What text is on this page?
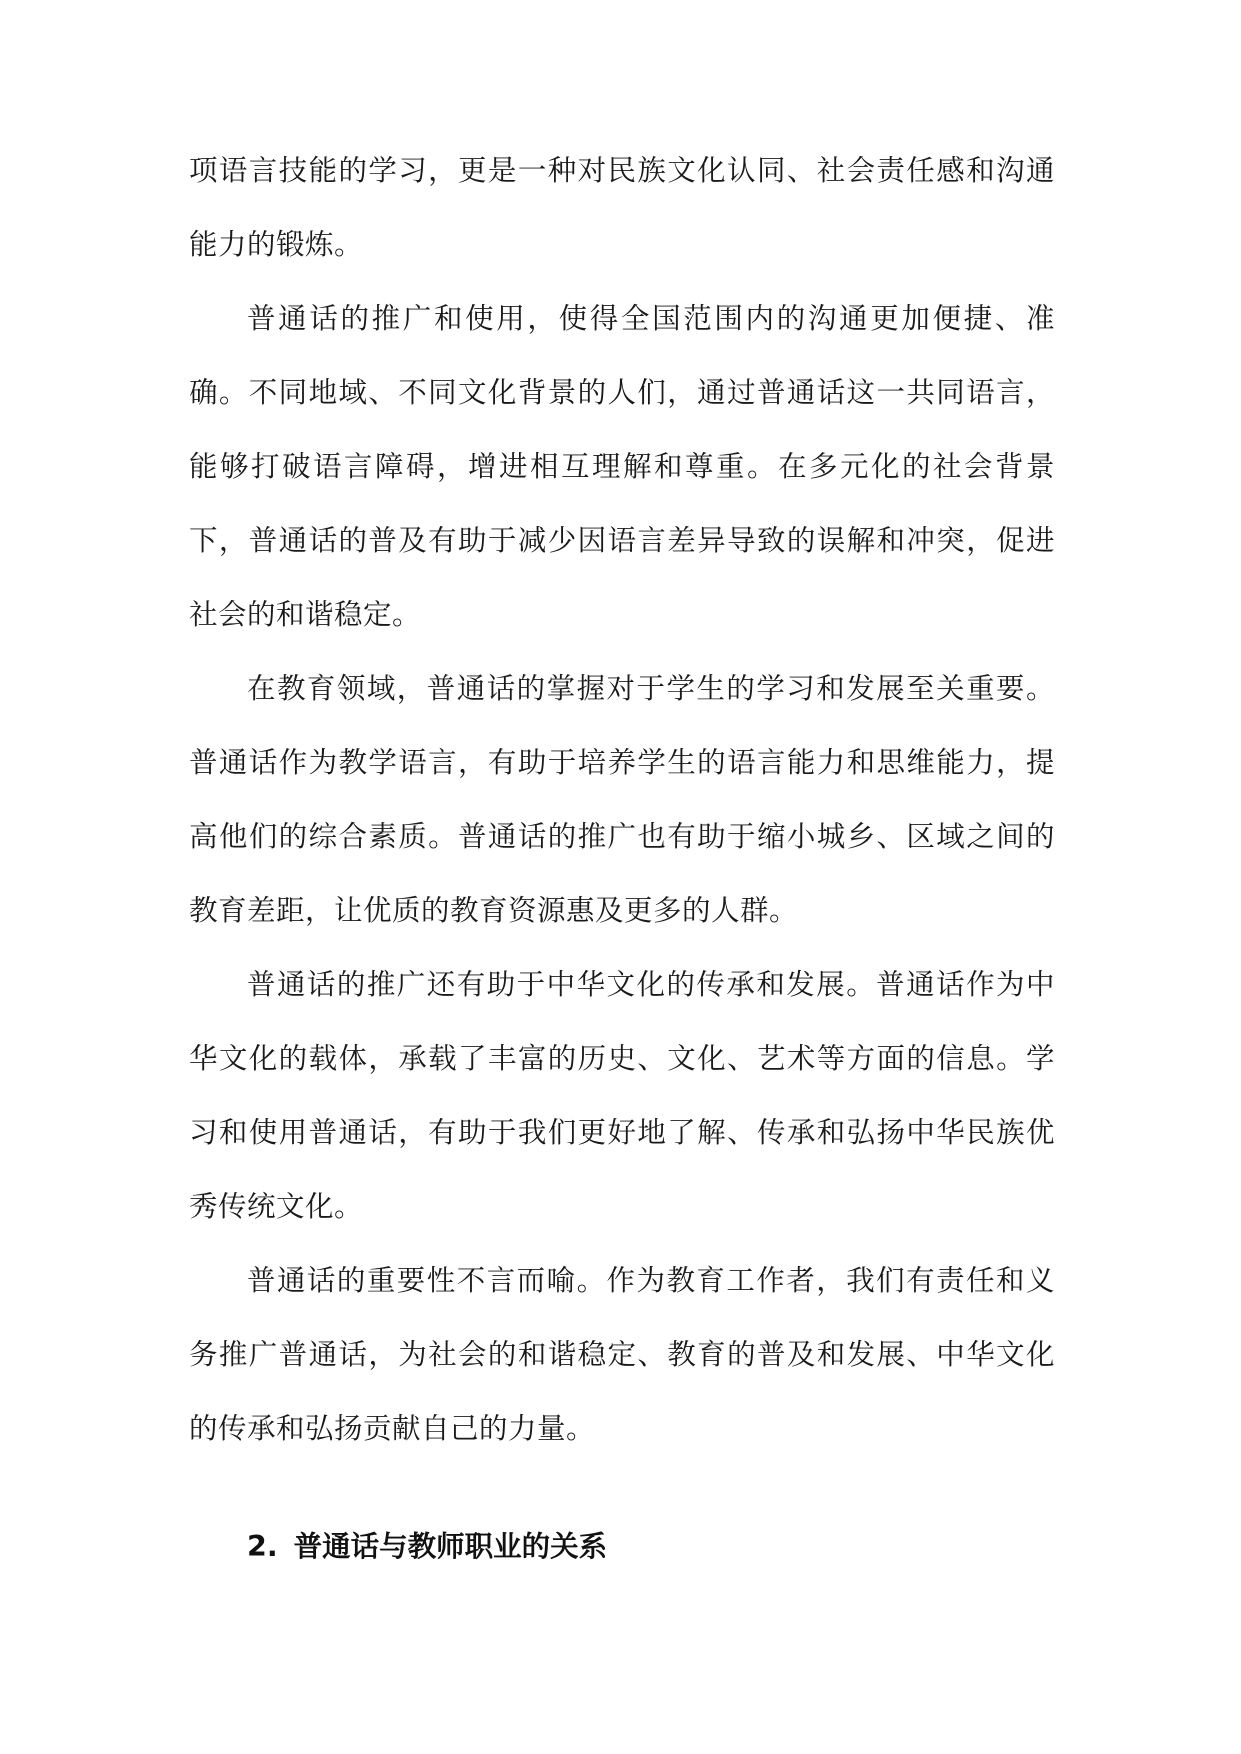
项语言技能的学习，更是一种对民族文化认同、社会责任感和沟通能力的锻炼。

普通话的推广和使用，使得全国范围内的沟通更加便捷、准确。不同地域、不同文化背景的人们，通过普通话这一共同语言，能够打破语言障碍，增进相互理解和尊重。在多元化的社会背景下，普通话的普及有助于减少因语言差异导致的误解和冲突，促进社会的和谐稳定。

在教育领域，普通话的掌握对于学生的学习和发展至关重要。普通话作为教学语言，有助于培养学生的语言能力和思维能力，提高他们的综合素质。普通话的推广也有助于缩小城乡、区域之间的教育差距，让优质的教育资源惠及更多的人群。

普通话的推广还有助于中华文化的传承和发展。普通话作为中华文化的载体，承载了丰富的历史、文化、艺术等方面的信息。学习和使用普通话，有助于我们更好地了解、传承和弘扬中华民族优秀传统文化。

普通话的重要性不言而喻。作为教育工作者，我们有责任和义务推广普通话，为社会的和谐稳定、教育的普及和发展、中华文化的传承和弘扬贡献自己的力量。

2. 普通话与教师职业的关系
